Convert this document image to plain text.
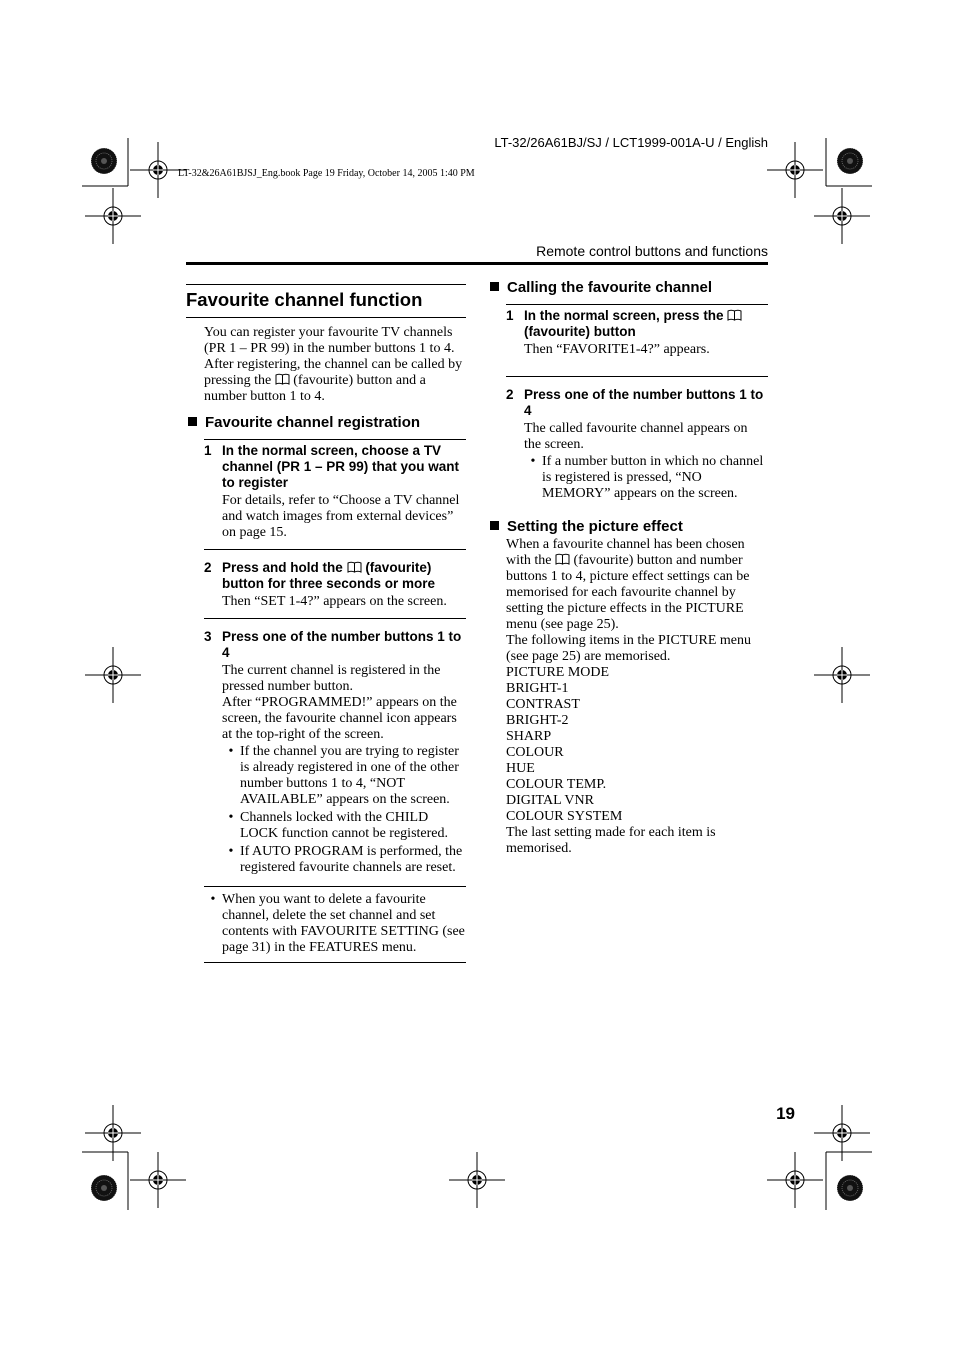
LT-32/26A61BJ/SJ / LCT1999-001A-U / English
LT-32&26A61BJSJ_Eng.book Page 19 Friday, October 14, 2005 1:40 PM
Remote control buttons and functions
Favourite channel function
You can register your favourite TV channels (PR 1 – PR 99) in the number buttons 1 to 4. After registering, the channel can be called by pressing the (favourite) button and a number button 1 to 4.
Favourite channel registration
1 In the normal screen, choose a TV channel (PR 1 – PR 99) that you want to register
For details, refer to “Choose a TV channel and watch images from external devices” on page 15.
2 Press and hold the (favourite) button for three seconds or more
Then “SET 1-4?” appears on the screen.
3 Press one of the number buttons 1 to 4
The current channel is registered in the pressed number button.
After “PROGRAMMED!” appears on the screen, the favourite channel icon appears at the top-right of the screen.
• If the channel you are trying to register is already registered in one of the other number buttons 1 to 4, “NOT AVAILABLE” appears on the screen.
• Channels locked with the CHILD LOCK function cannot be registered.
• If AUTO PROGRAM is performed, the registered favourite channels are reset.
• When you want to delete a favourite channel, delete the set channel and set contents with FAVOURITE SETTING (see page 31) in the FEATURES menu.
Calling the favourite channel
1 In the normal screen, press the  (favourite) button
Then “FAVORITE1-4?” appears.
2 Press one of the number buttons 1 to 4
The called favourite channel appears on the screen.
• If a number button in which no channel is registered is pressed, “NO MEMORY” appears on the screen.
Setting the picture effect
When a favourite channel has been chosen with the (favourite) button and number buttons 1 to 4, picture effect settings can be memorised for each favourite channel by setting the picture effects in the PICTURE menu (see page 25).
The following items in the PICTURE menu (see page 25) are memorised.
PICTURE MODE
BRIGHT-1
CONTRAST
BRIGHT-2
SHARP
COLOUR
HUE
COLOUR TEMP.
DIGITAL VNR
COLOUR SYSTEM
The last setting made for each item is memorised.
19
